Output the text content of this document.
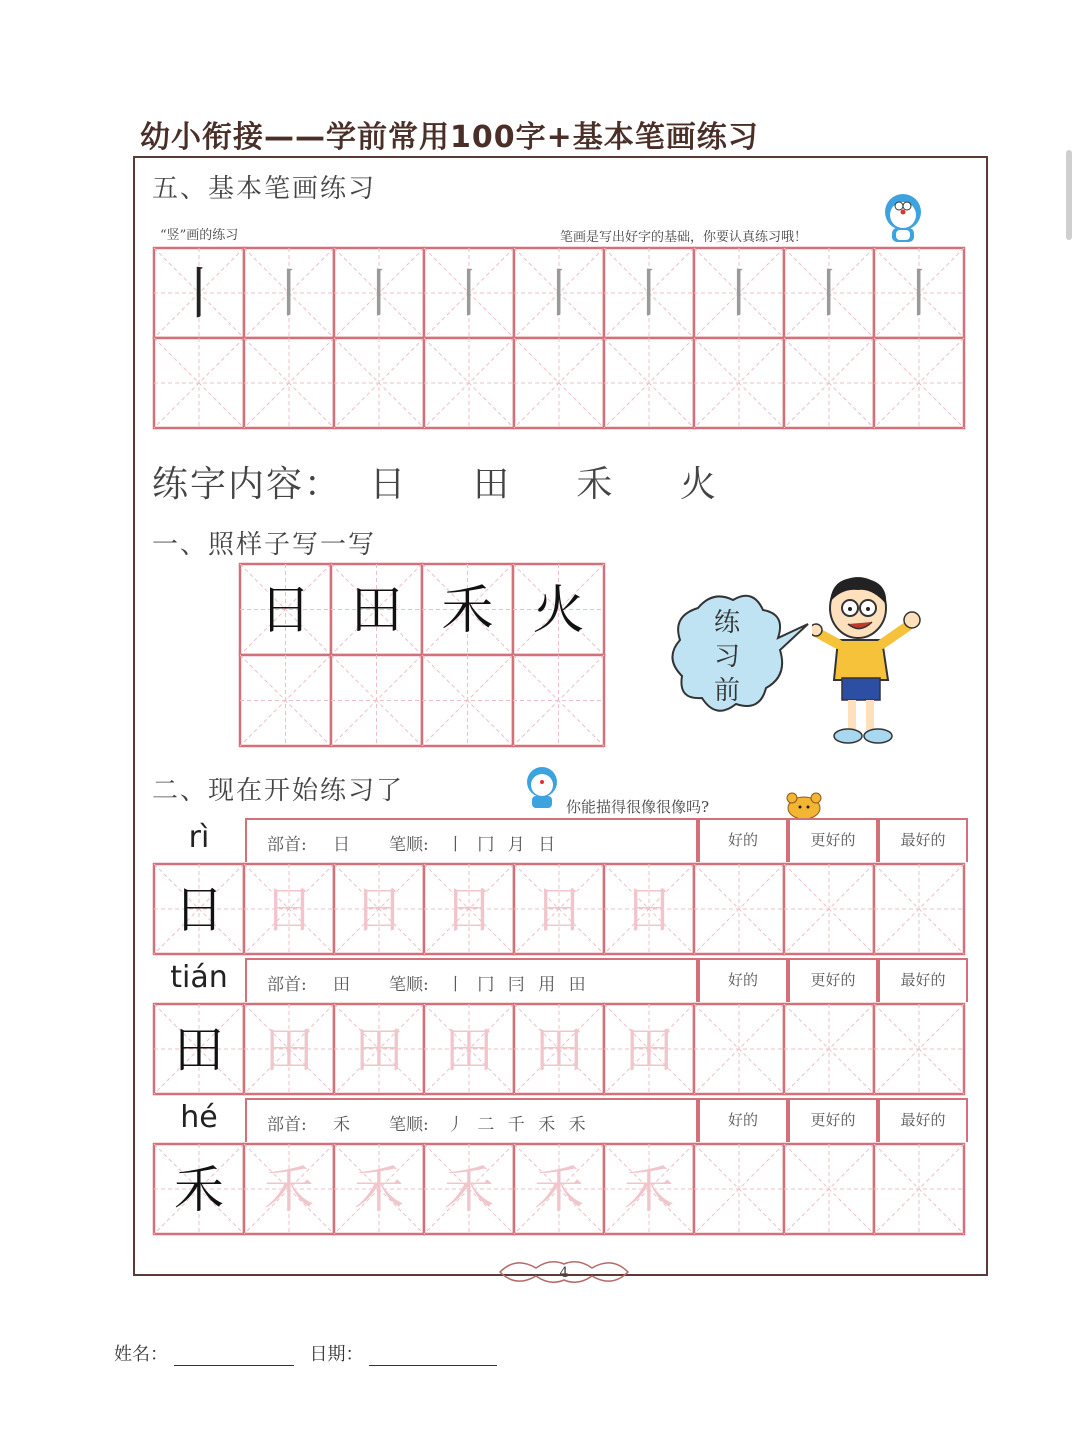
幼小衔接——学前常用100字+基本笔画练习
五、基本笔画练习
“竖”画的练习	笔画是写出好字的基础，你要认真练习哦！
丨 丨 丨 丨 丨 丨 丨 丨 丨
练字内容： 日 田 禾 火
一、照样子写一写
日 田 禾 火	练
习
前
二、现在开始练习了
你能描得很像很像吗?
rì	部首: 日 笔顺: 丨 冂 月 日	好的	更好的	最好的
日 日 日 日 日 日
tián	部首: 田 笔顺: 丨 冂 冃 用 田	好的	更好的	最好的
田 田 田 田 田 田
hé	部首: 禾 笔顺: 丿 二 千 禾 禾	好的	更好的	最好的
禾 禾 禾 禾 禾 禾
4
姓名：	日期：
